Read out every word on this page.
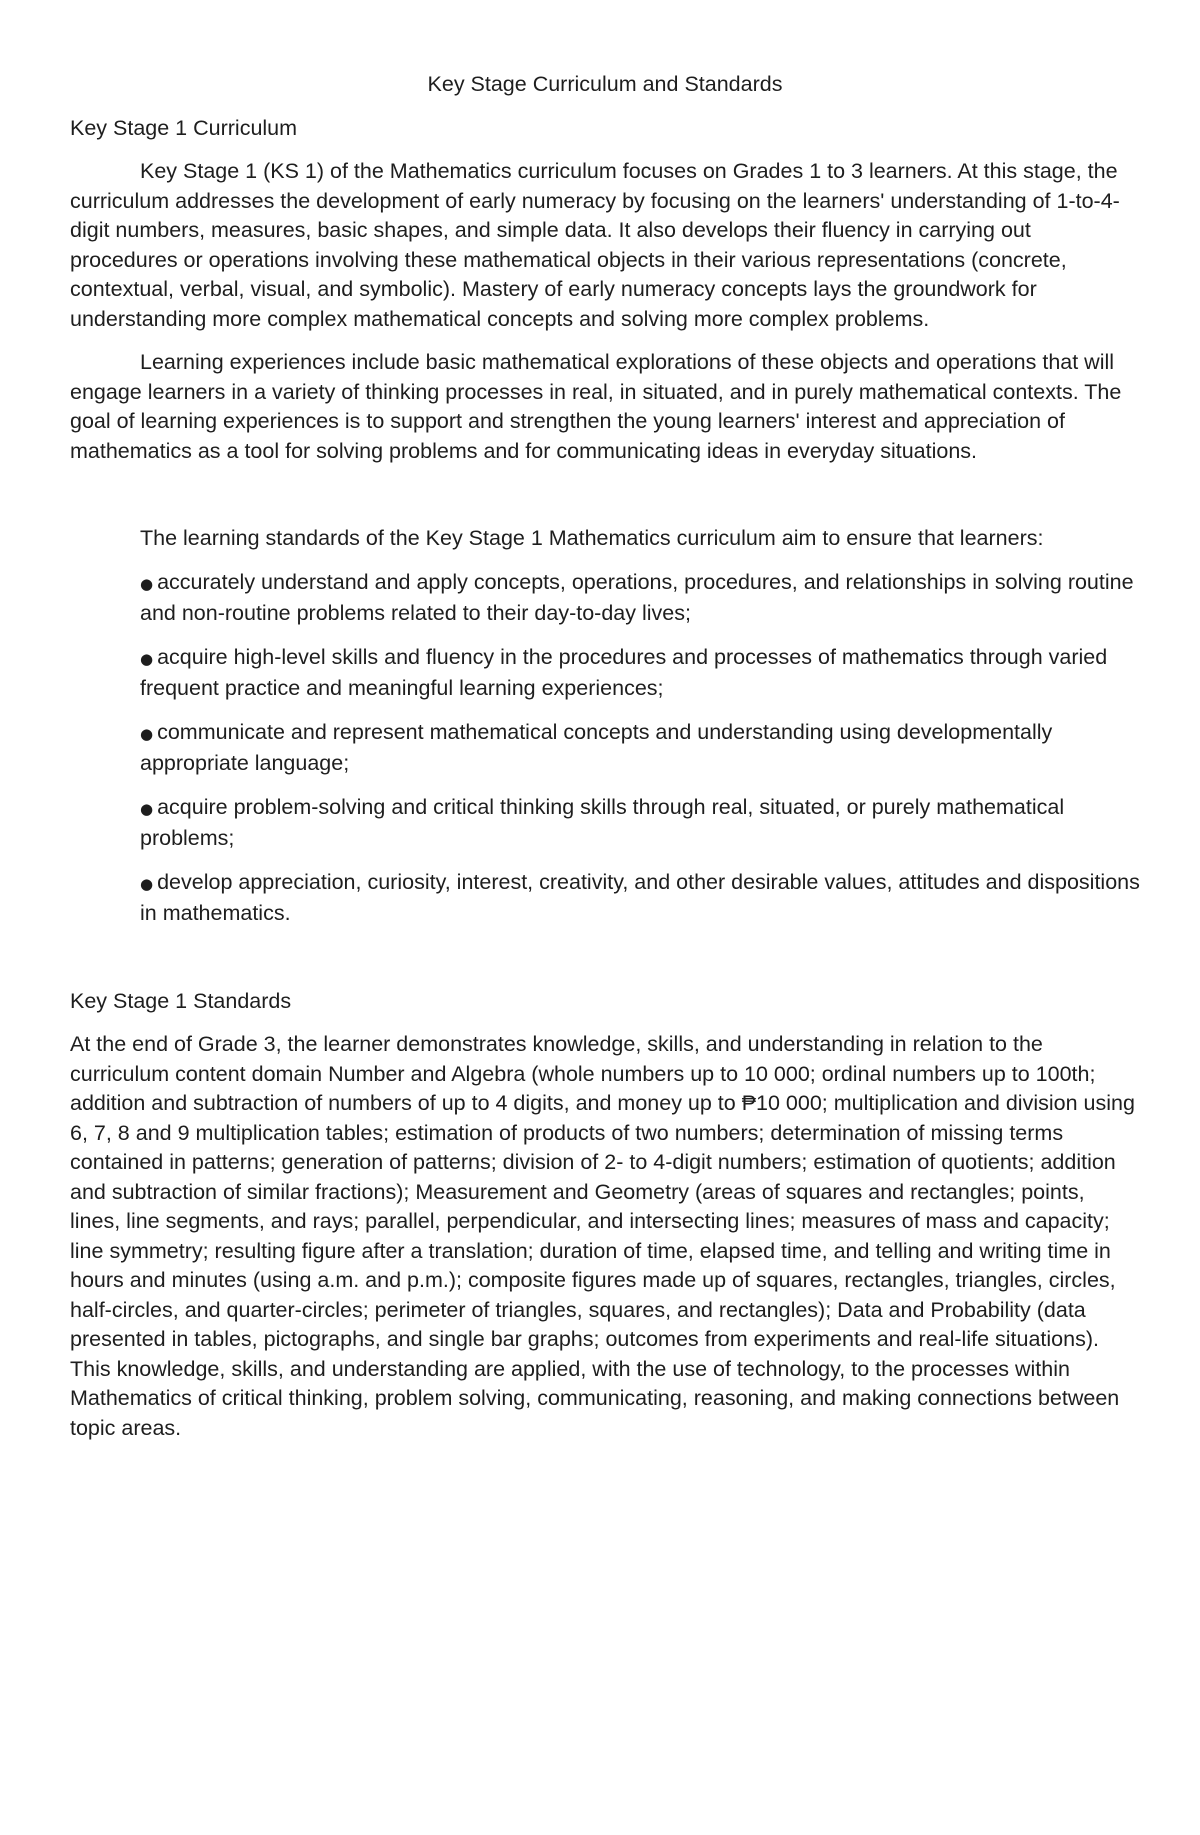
Key Stage Curriculum and Standards
Key Stage 1 Curriculum

Key Stage 1 (KS 1) of the Mathematics curriculum focuses on Grades 1 to 3 learners. At this stage, the curriculum addresses the development of early numeracy by focusing on the learners' understanding of 1-to-4-digit numbers, measures, basic shapes, and simple data. It also develops their fluency in carrying out procedures or operations involving these mathematical objects in their various representations (concrete, contextual, verbal, visual, and symbolic). Mastery of early numeracy concepts lays the groundwork for understanding more complex mathematical concepts and solving more complex problems.

Learning experiences include basic mathematical explorations of these objects and operations that will engage learners in a variety of thinking processes in real, in situated, and in purely mathematical contexts. The goal of learning experiences is to support and strengthen the young learners' interest and appreciation of mathematics as a tool for solving problems and for communicating ideas in everyday situations.

The learning standards of the Key Stage 1 Mathematics curriculum aim to ensure that learners:

● accurately understand and apply concepts, operations, procedures, and relationships in solving routine and non-routine problems related to their day-to-day lives;

● acquire high-level skills and fluency in the procedures and processes of mathematics through varied frequent practice and meaningful learning experiences;

● communicate and represent mathematical concepts and understanding using developmentally appropriate language;

● acquire problem-solving and critical thinking skills through real, situated, or purely mathematical problems;

● develop appreciation, curiosity, interest, creativity, and other desirable values, attitudes and dispositions in mathematics.

Key Stage 1 Standards

At the end of Grade 3, the learner demonstrates knowledge, skills, and understanding in relation to the curriculum content domain Number and Algebra (whole numbers up to 10 000; ordinal numbers up to 100th; addition and subtraction of numbers of up to 4 digits, and money up to ₱10 000; multiplication and division using 6, 7, 8 and 9 multiplication tables; estimation of products of two numbers; determination of missing terms contained in patterns; generation of patterns; division of 2- to 4-digit numbers; estimation of quotients; addition and subtraction of similar fractions); Measurement and Geometry (areas of squares and rectangles; points, lines, line segments, and rays; parallel, perpendicular, and intersecting lines; measures of mass and capacity; line symmetry; resulting figure after a translation; duration of time, elapsed time, and telling and writing time in hours and minutes (using a.m. and p.m.); composite figures made up of squares, rectangles, triangles, circles, half-circles, and quarter-circles; perimeter of triangles, squares, and rectangles); Data and Probability (data presented in tables, pictographs, and single bar graphs; outcomes from experiments and real-life situations). This knowledge, skills, and understanding are applied, with the use of technology, to the processes within Mathematics of critical thinking, problem solving, communicating, reasoning, and making connections between topic areas.
